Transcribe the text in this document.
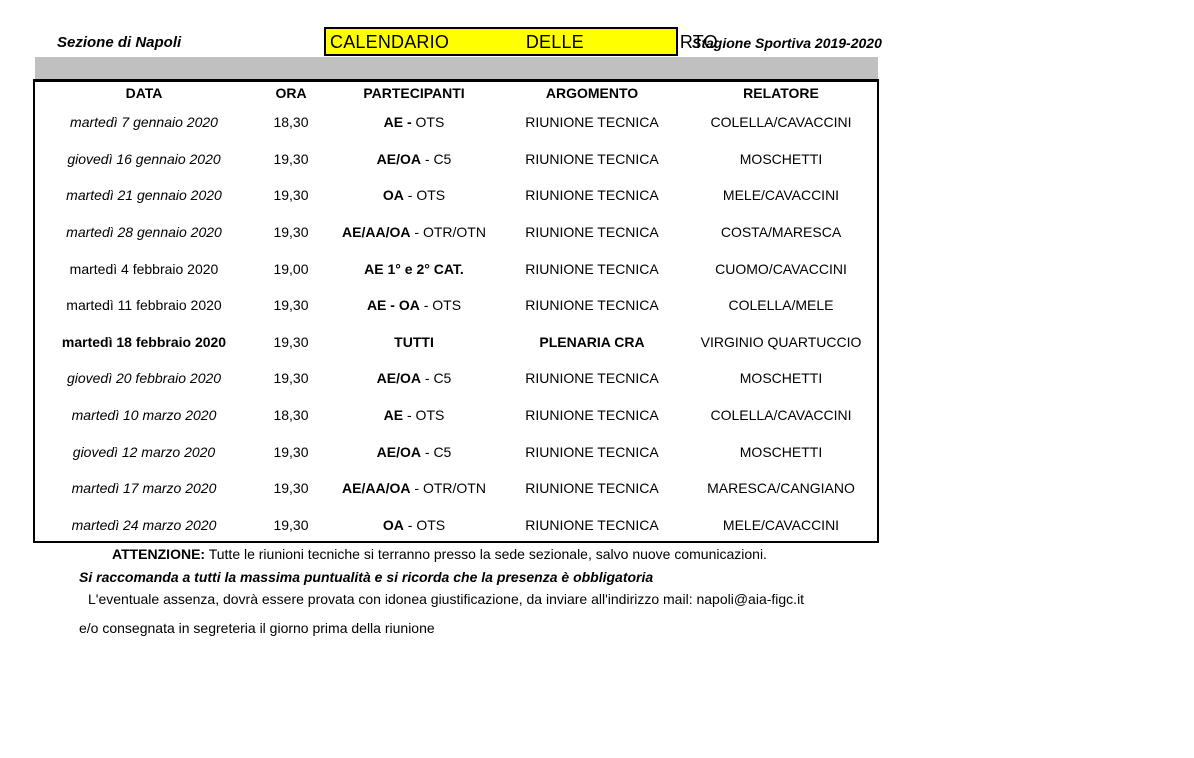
Sezione di Napoli	CALENDARIO    DELLE     RTO
Stagione Sportiva 2019-2020
DATA	ORA	PARTECIPANTI	ARGOMENTO	RELATORE
martedì 7 gennaio 2020	18,30	AE - OTS	RIUNIONE TECNICA	COLELLA/CAVACCINI
giovedì 16 gennaio 2020	19,30	AE/OA - C5	RIUNIONE TECNICA	MOSCHETTI
martedì 21 gennaio 2020	19,30	OA - OTS	RIUNIONE TECNICA	MELE/CAVACCINI
martedì 28 gennaio 2020	19,30	AE/AA/OA - OTR/OTN	RIUNIONE TECNICA	COSTA/MARESCA
martedì 4 febbraio 2020	19,00	AE 1° e 2° CAT.	RIUNIONE TECNICA	CUOMO/CAVACCINI
martedì 11 febbraio 2020	19,30	AE - OA - OTS	RIUNIONE TECNICA	COLELLA/MELE
martedì 18 febbraio 2020	19,30	TUTTI	PLENARIA CRA	VIRGINIO QUARTUCCIO
giovedì 20 febbraio 2020	19,30	AE/OA - C5	RIUNIONE TECNICA	MOSCHETTI
martedì 10 marzo 2020	18,30	AE - OTS	RIUNIONE TECNICA	COLELLA/CAVACCINI
giovedì 12 marzo 2020	19,30	AE/OA - C5	RIUNIONE TECNICA	MOSCHETTI
martedì 17 marzo 2020	19,30	AE/AA/OA - OTR/OTN	RIUNIONE TECNICA	MARESCA/CANGIANO
martedì 24 marzo 2020	19,30	OA - OTS	RIUNIONE TECNICA	MELE/CAVACCINI
ATTENZIONE: Tutte le riunioni tecniche si terranno presso la sede sezionale, salvo nuove comunicazioni.
Si raccomanda a tutti la massima puntualità e si ricorda che la presenza è obbligatoria
L'eventuale assenza, dovrà essere provata con idonea giustificazione, da inviare all'indirizzo mail: napoli@aia-figc.it
e/o consegnata in segreteria il giorno prima della riunione
